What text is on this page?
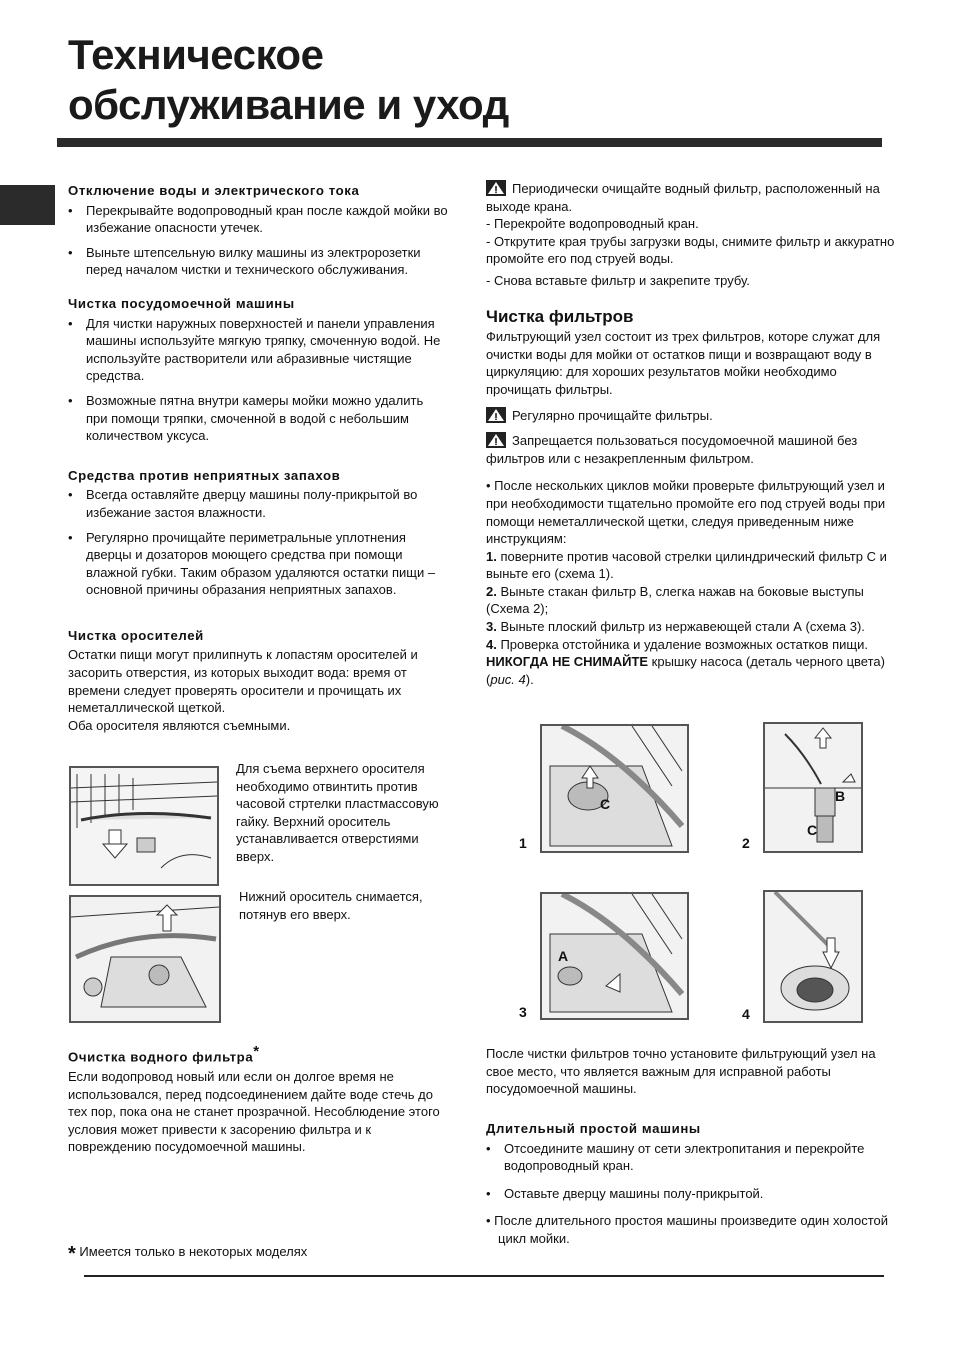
Техническое
обслуживание и уход
Отключение воды и электрического тока
• Перекрывайте водопроводный кран после каждой мойки во избежание опасности утечек.
• Выньте штепсельную вилку машины из электророзетки перед началом чистки и технического обслуживания.
Чистка посудомоечной машины
• Для чистки наружных поверхностей и панели управления машины используйте мягкую тряпку, смоченную водой. Не используйте растворители или абразивные чистящие средства.
• Возможные пятна внутри камеры мойки можно удалить при помощи тряпки, смоченной в водой с небольшим количеством уксуса.
Средства против неприятных запахов
• Всегда оставляйте дверцу машины полу-прикрытой во избежание застоя влажности.
• Регулярно прочищайте периметральные уплотнения дверцы и дозаторов моющего средства при помощи влажной губки. Таким образом удаляются остатки пищи – основной причины образания неприятных запахов.
Чистка оросителей

Остатки пищи могут прилипнуть к лопастям оросителей и засорить отверстия, из которых выходит вода: время от времени следует проверять оросители и прочищать их неметаллической щеткой.

Оба оросителя являются съемными.

Для съема верхнего оросителя необходимо отвинтить против часовой стртелки пластмассовую гайку. Верхний ороситель устанавливается отверстиями вверх.
Нижний ороситель снимается, потянув его вверх.
Очистка водного фильтра*

Если водопровод новый или если он долгое время не использовался, перед подсоединением дайте воде стечь до тех пор, пока она не станет прозрачной. Несоблюдение этого условия может привести к засорению фильтра и к повреждению посудомоечной машины.

* Имеется только в некоторых моделях

Периодически очищайте водный фильтр, расположенный на выходе крана.

- Перекройте водопроводный кран.

- Открутите края трубы загрузки воды, снимите фильтр и аккуратно промойте его под струей воды.

- Снова вставьте фильтр и закрепите трубу.

Чистка фильтров

Фильтрующий узел состоит из трех фильтров, которе служат для очистки воды для мойки от остатков пищи и возвращают воду в циркуляцию: для хороших результатов мойки необходимо прочищать фильтры.

Регулярно прочищайте фильтры.

Запрещается пользоваться посудомоечной машиной без фильтров или с незакрепленным фильтром.

• После нескольких циклов мойки проверьте фильтрующий узел и при необходимости тщательно промойте его под струей воды при помощи неметаллической щетки, следуя приведенным ниже инструкциям:

1. поверните против часовой стрелки цилиндрический фильтр С и выньте его (схема 1).

2. Выньте стакан фильтр В, слегка нажав на боковые выступы (Схема 2);

3. Выньте плоский фильтр из нержавеющей стали А (схема 3).

4. Проверка отстойника и удаление возможных остатков пищи.

НИКОГДА НЕ СНИМАЙТЕ крышку насоса (деталь черного цвета) (рис. 4).

C
1
B
C
2
A
3	4

После чистки фильтров точно установите фильтрующий узел на свое место, что является важным для исправной работы посудомоечной машины.

Длительный простой машины
• Отсоедините машину от сети электропитания и перекройте водопроводный кран.
• Оставьте дверцу машины полу-прикрытой.

• После длительного простоя машины произведите один холостой цикл мойки.
